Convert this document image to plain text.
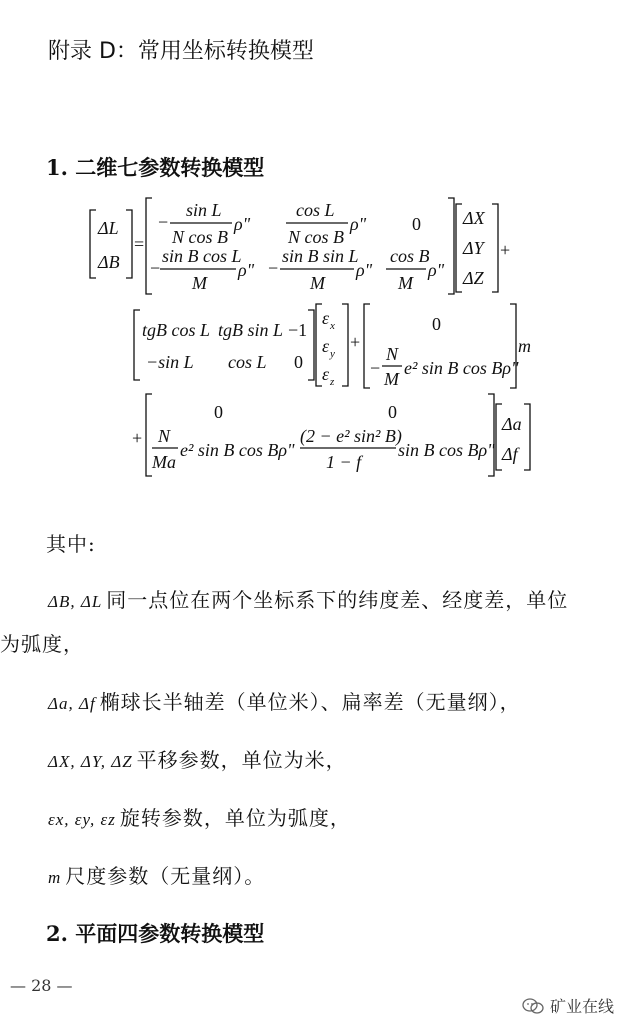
附录 D：常用坐标转换模型
1. 二维七参数转换模型
ΔL
ΔB
=
−
sin L
N cos B
ρ"
cos L
N cos B
ρ"	0
−
sin B cos L
M
ρ" −
sin B sin L
M
ρ"
cos B
M
ρ"
ΔX
ΔY
ΔZ
+
tgB cos L tgB sin L −1
−sin L cos L 0
ε x
ε y
ε z
+
0
−
N
M
e² sin B cos Bρ"
m
+
0	0
N
Ma
e² sin B cos Bρ"
(2 − e² sin² B)
1 − f
sin B cos Bρ"
Δa
Δf
其中:
ΔB, ΔL 同一点位在两个坐标系下的纬度差、经度差，单位
为弧度，
Δa, Δf 椭球长半轴差（单位米）、扁率差（无量纲），
ΔX, ΔY, ΔZ 平移参数，单位为米，
εx, εy, εz 旋转参数，单位为弧度，
m 尺度参数（无量纲）。
2. 平面四参数转换模型
— 28 —
矿业在线
